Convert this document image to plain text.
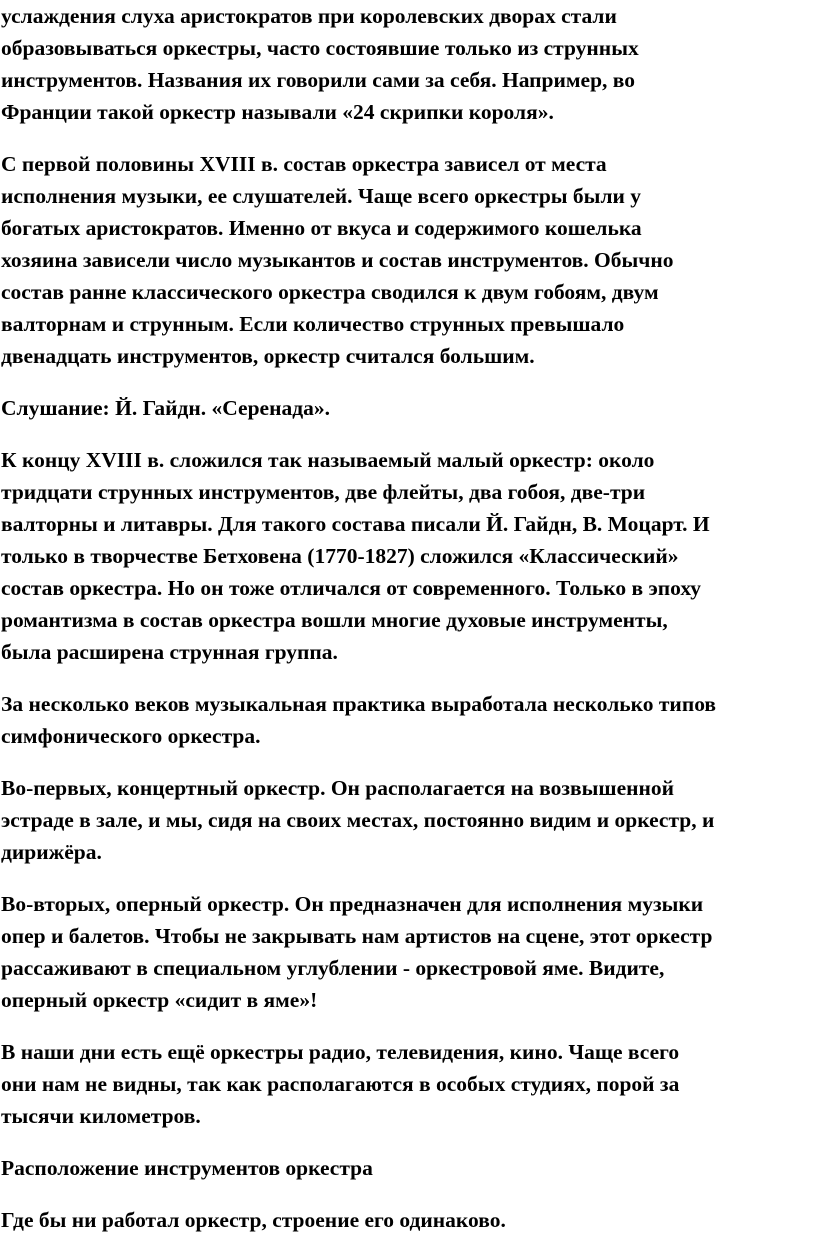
услаждения слуха аристократов при королевских дворах стали
образовываться оркестры, часто состоявшие только из струнных
инструментов. Названия их говорили сами за себя. Например, во
Франции такой оркестр называли «24 скрипки короля».

С первой половины XVIII в. состав оркестра зависел от места
исполнения музыки, ее слушателей. Чаще всего оркестры были у
богатых аристократов. Именно от вкуса и содержимого кошелька
хозяина зависели число музыкантов и состав инструментов. Обычно
состав ранне классического оркестра сводился к двум гобоям, двум
валторнам и струнным. Если количество струнных превышало
двенадцать инструментов, оркестр считался большим.

Слушание: Й. Гайдн. «Серенада».

К концу XVIII в. сложился так называемый малый оркестр: около
тридцати струнных инструментов, две флейты, два гобоя, две-три
валторны и литавры. Для такого состава писали Й. Гайдн, В. Моцарт. И
только в творчестве Бетховена (1770-1827) сложился «Классический»
состав оркестра. Но он тоже отличался от современного. Только в эпоху
романтизма в состав оркестра вошли многие духовые инструменты,
была расширена струнная группа.

За несколько веков музыкальная практика выработала несколько типов
симфонического оркестра.

Во-первых, концертный оркестр. Он располагается на возвышенной
эстраде в зале, и мы, сидя на своих местах, постоянно видим и оркестр, и
дирижёра.

Во-вторых, оперный оркестр. Он предназначен для исполнения музыки
опер и балетов. Чтобы не закрывать нам артистов на сцене, этот оркестр
рассаживают в специальном углублении - оркестровой яме. Видите,
оперный оркестр «сидит в яме»!

В наши дни есть ещё оркестры радио, телевидения, кино. Чаще всего
они нам не видны, так как располагаются в особых студиях, порой за
тысячи километров.

Расположение инструментов оркестра

Где бы ни работал оркестр, строение его одинаково.
